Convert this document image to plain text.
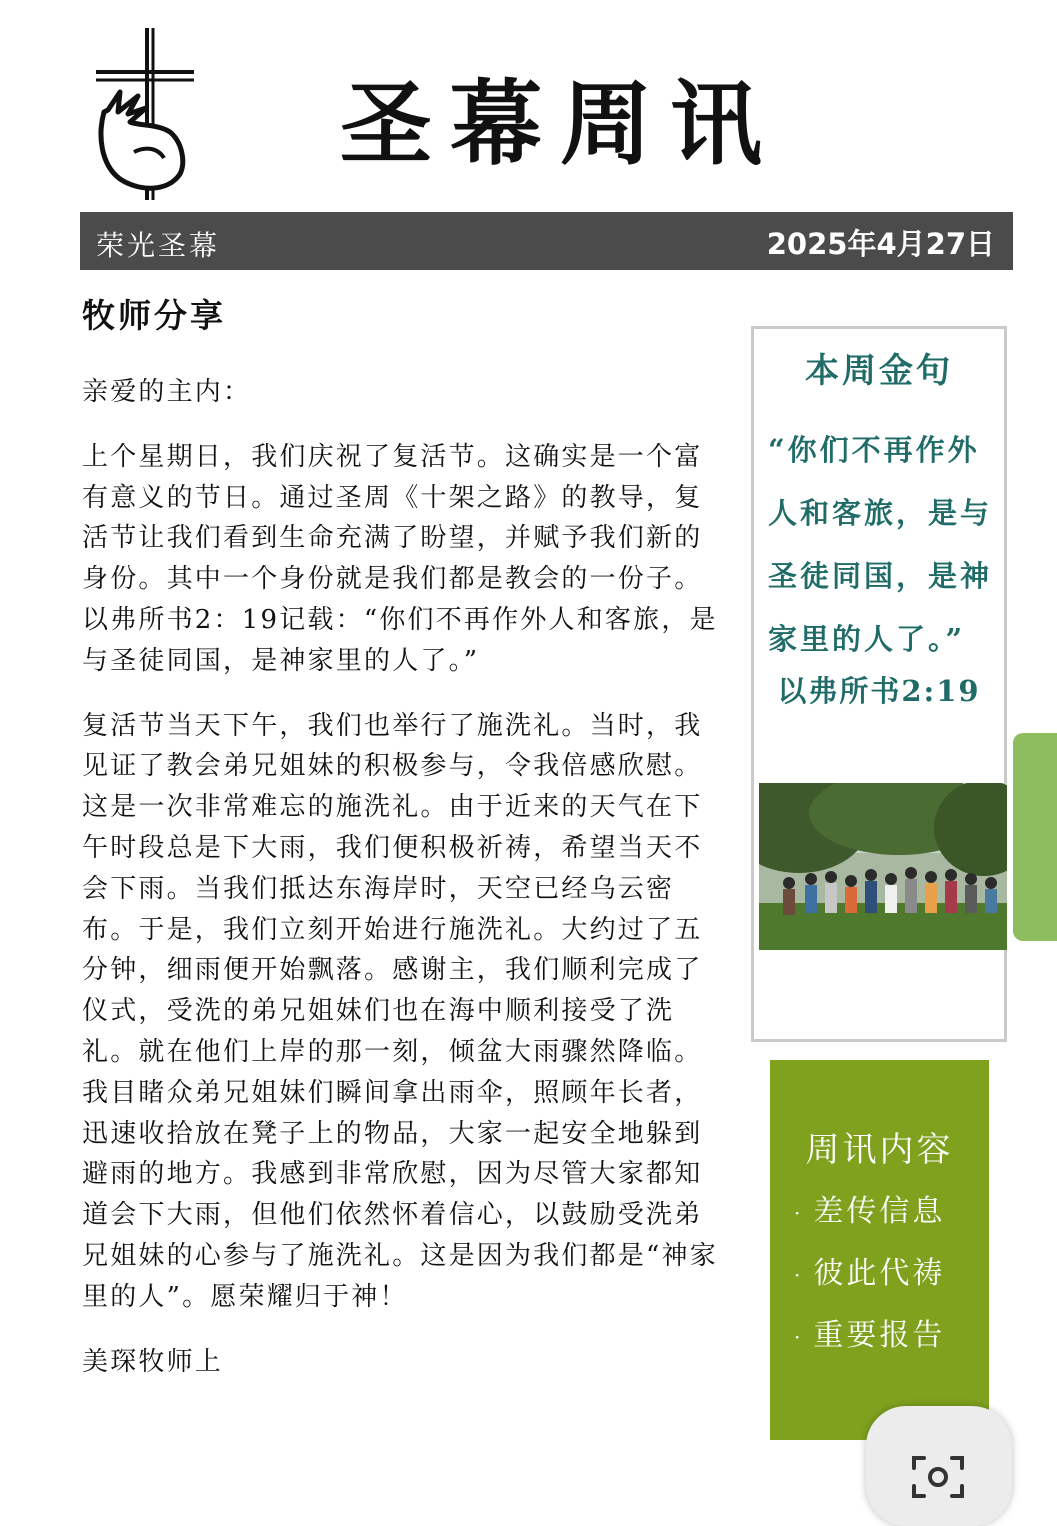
圣幕周讯
荣光圣幕	2025年4月27日
牧师分享

亲爱的主内：

上个星期日，我们庆祝了复活节。这确实是一个富有意义的节日。通过圣周《十架之路》的教导，复活节让我们看到生命充满了盼望，并赋予我们新的身份。其中一个身份就是我们都是教会的一份子。以弗所书2：19记载：“你们不再作外人和客旅，是与圣徒同国，是神家里的人了。”

复活节当天下午，我们也举行了施洗礼。当时，我见证了教会弟兄姐妹的积极参与，令我倍感欣慰。这是一次非常难忘的施洗礼。由于近来的天气在下午时段总是下大雨，我们便积极祈祷，希望当天不会下雨。当我们抵达东海岸时，天空已经乌云密布。于是，我们立刻开始进行施洗礼。大约过了五分钟，细雨便开始飘落。感谢主，我们顺利完成了仪式，受洗的弟兄姐妹们也在海中顺利接受了洗礼。就在他们上岸的那一刻，倾盆大雨骤然降临。我目睹众弟兄姐妹们瞬间拿出雨伞，照顾年长者，迅速收拾放在凳子上的物品，大家一起安全地躲到避雨的地方。我感到非常欣慰，因为尽管大家都知道会下大雨，但他们依然怀着信心，以鼓励受洗弟兄姐妹的心参与了施洗礼。这是因为我们都是“神家里的人”。愿荣耀归于神！

美琛牧师上

本周金句
“你们不再作外人和客旅，是与圣徒同国，是神家里的人了。”
以弗所书2:19
周讯内容
· 差传信息
· 彼此代祷
· 重要报告
